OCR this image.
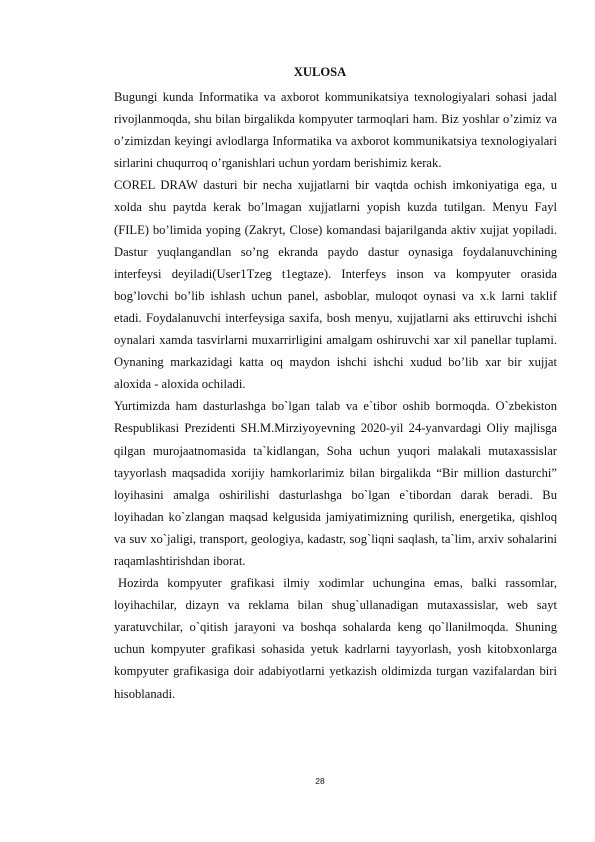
XULOSA

Bugungi kunda Informatika va axborot kommunikatsiya texnologiyalari sohasi jadal rivojlanmoqda, shu bilan birgalikda kompyuter tarmoqlari ham. Biz yoshlar o’zimiz va o’zimizdan keyingi avlodlarga Informatika va axborot kommunikatsiya texnologiyalari sirlarini chuqurroq o’rganishlari uchun yordam berishimiz kerak.

COREL DRAW dasturi bir necha xujjatlarni bir vaqtda ochish imkoniyatiga ega, u xolda shu paytda kerak bo’lmagan xujjatlarni yopish kuzda tutilgan. Menyu Fayl (FILE) bo’limida yoping (Zakryt, Close) komandasi bajarilganda aktiv xujjat yopiladi. Dastur yuqlangandlan so’ng ekranda paydo dastur oynasiga foydalanuvchining interfeysi deyiladi(User1Tzeg t1egtaze). Interfeys inson va kompyuter orasida bog’lovchi bo’lib ishlash uchun panel, asboblar, muloqot oynasi va x.k larni taklif etadi. Foydalanuvchi interfeysiga saxifa, bosh menyu, xujjatlarni aks ettiruvchi ishchi oynalari xamda tasvirlarni muxarrirligini amalgam oshiruvchi xar xil panellar tuplami. Oynaning markazidagi katta oq maydon ishchi ishchi xudud bo’lib xar bir xujjat aloxida - aloxida ochiladi.

Yurtimizda ham dasturlashga bo`lgan talab va e`tibor oshib bormoqda. O`zbekiston Respublikasi Prezidenti SH.M.Mirziyoyevning 2020-yil 24-yanvardagi Oliy majlisga qilgan murojaatnomasida ta`kidlangan, Soha uchun yuqori malakali mutaxassislar tayyorlash maqsadida xorijiy hamkorlarimiz bilan birgalikda “Bir million dasturchi” loyihasini amalga oshirilishi dasturlashga bo`lgan e`tibordan darak beradi. Bu loyihadan ko`zlangan maqsad kelgusida jamiyatimizning qurilish, energetika, qishloq va suv xo`jaligi, transport, geologiya, kadastr, sog`liqni saqlash, ta`lim, arxiv sohalarini raqamlashtirishdan iborat.

Hozirda kompyuter grafikasi ilmiy xodimlar uchungina emas, balki rassomlar, loyihachilar, dizayn va reklama bilan shug`ullanadigan mutaxassislar, web sayt yaratuvchilar, o`qitish jarayoni va boshqa sohalarda keng qo`llanilmoqda. Shuning uchun kompyuter grafikasi sohasida yetuk kadrlarni tayyorlash, yosh kitobxonlarga kompyuter grafikasiga doir adabiyotlarni yetkazish oldimizda turgan vazifalardan biri hisoblanadi.

28
